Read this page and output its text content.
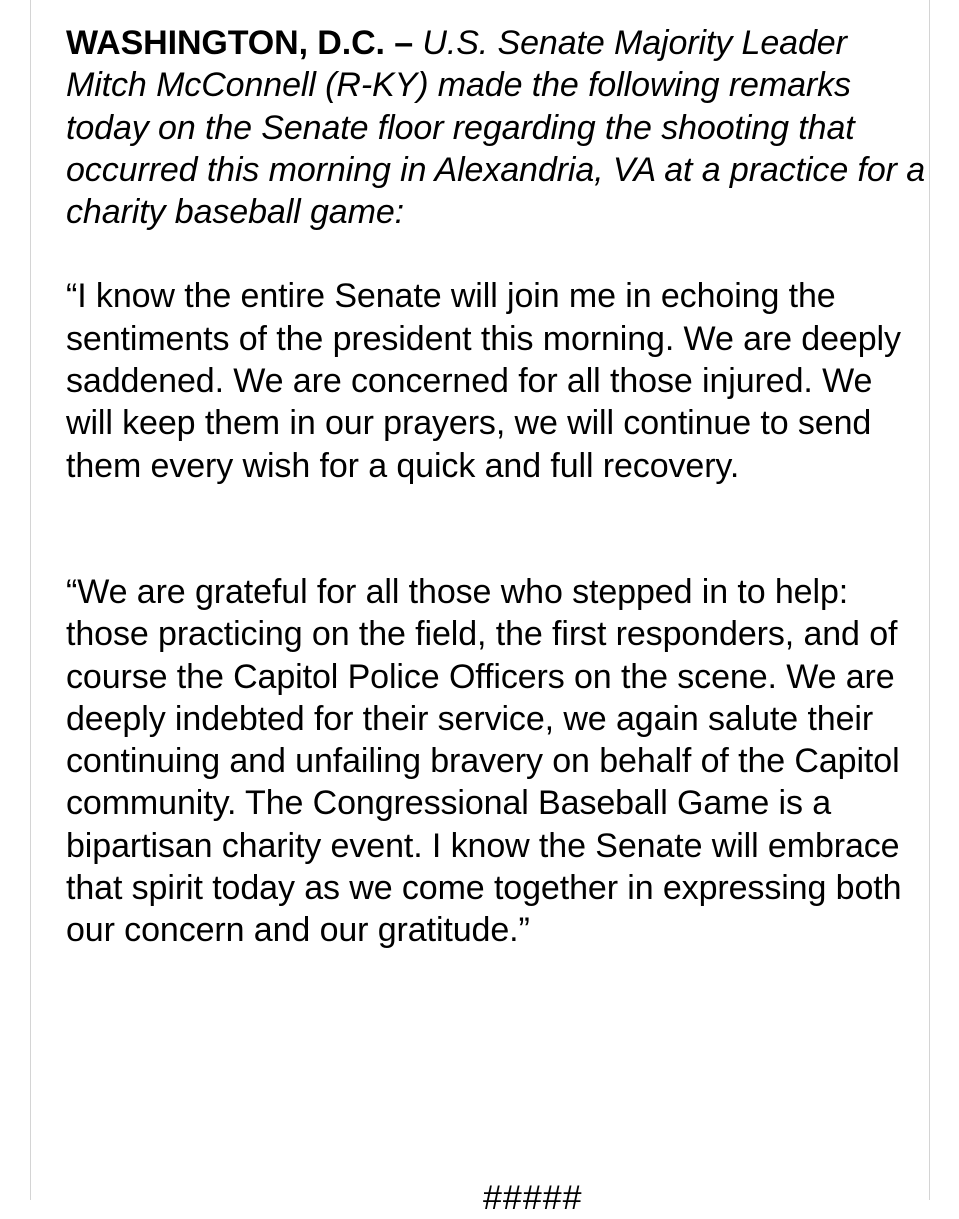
WASHINGTON, D.C. – U.S. Senate Majority Leader Mitch McConnell (R-KY) made the following remarks today on the Senate floor regarding the shooting that occurred this morning in Alexandria, VA at a practice for a charity baseball game:

“I know the entire Senate will join me in echoing the sentiments of the president this morning. We are deeply saddened. We are concerned for all those injured. We will keep them in our prayers, we will continue to send them every wish for a quick and full recovery.

“We are grateful for all those who stepped in to help: those practicing on the field, the first responders, and of course the Capitol Police Officers on the scene. We are deeply indebted for their service, we again salute their continuing and unfailing bravery on behalf of the Capitol community. The Congressional Baseball Game is a bipartisan charity event. I know the Senate will embrace that spirit today as we come together in expressing both our concern and our gratitude.”

#####
